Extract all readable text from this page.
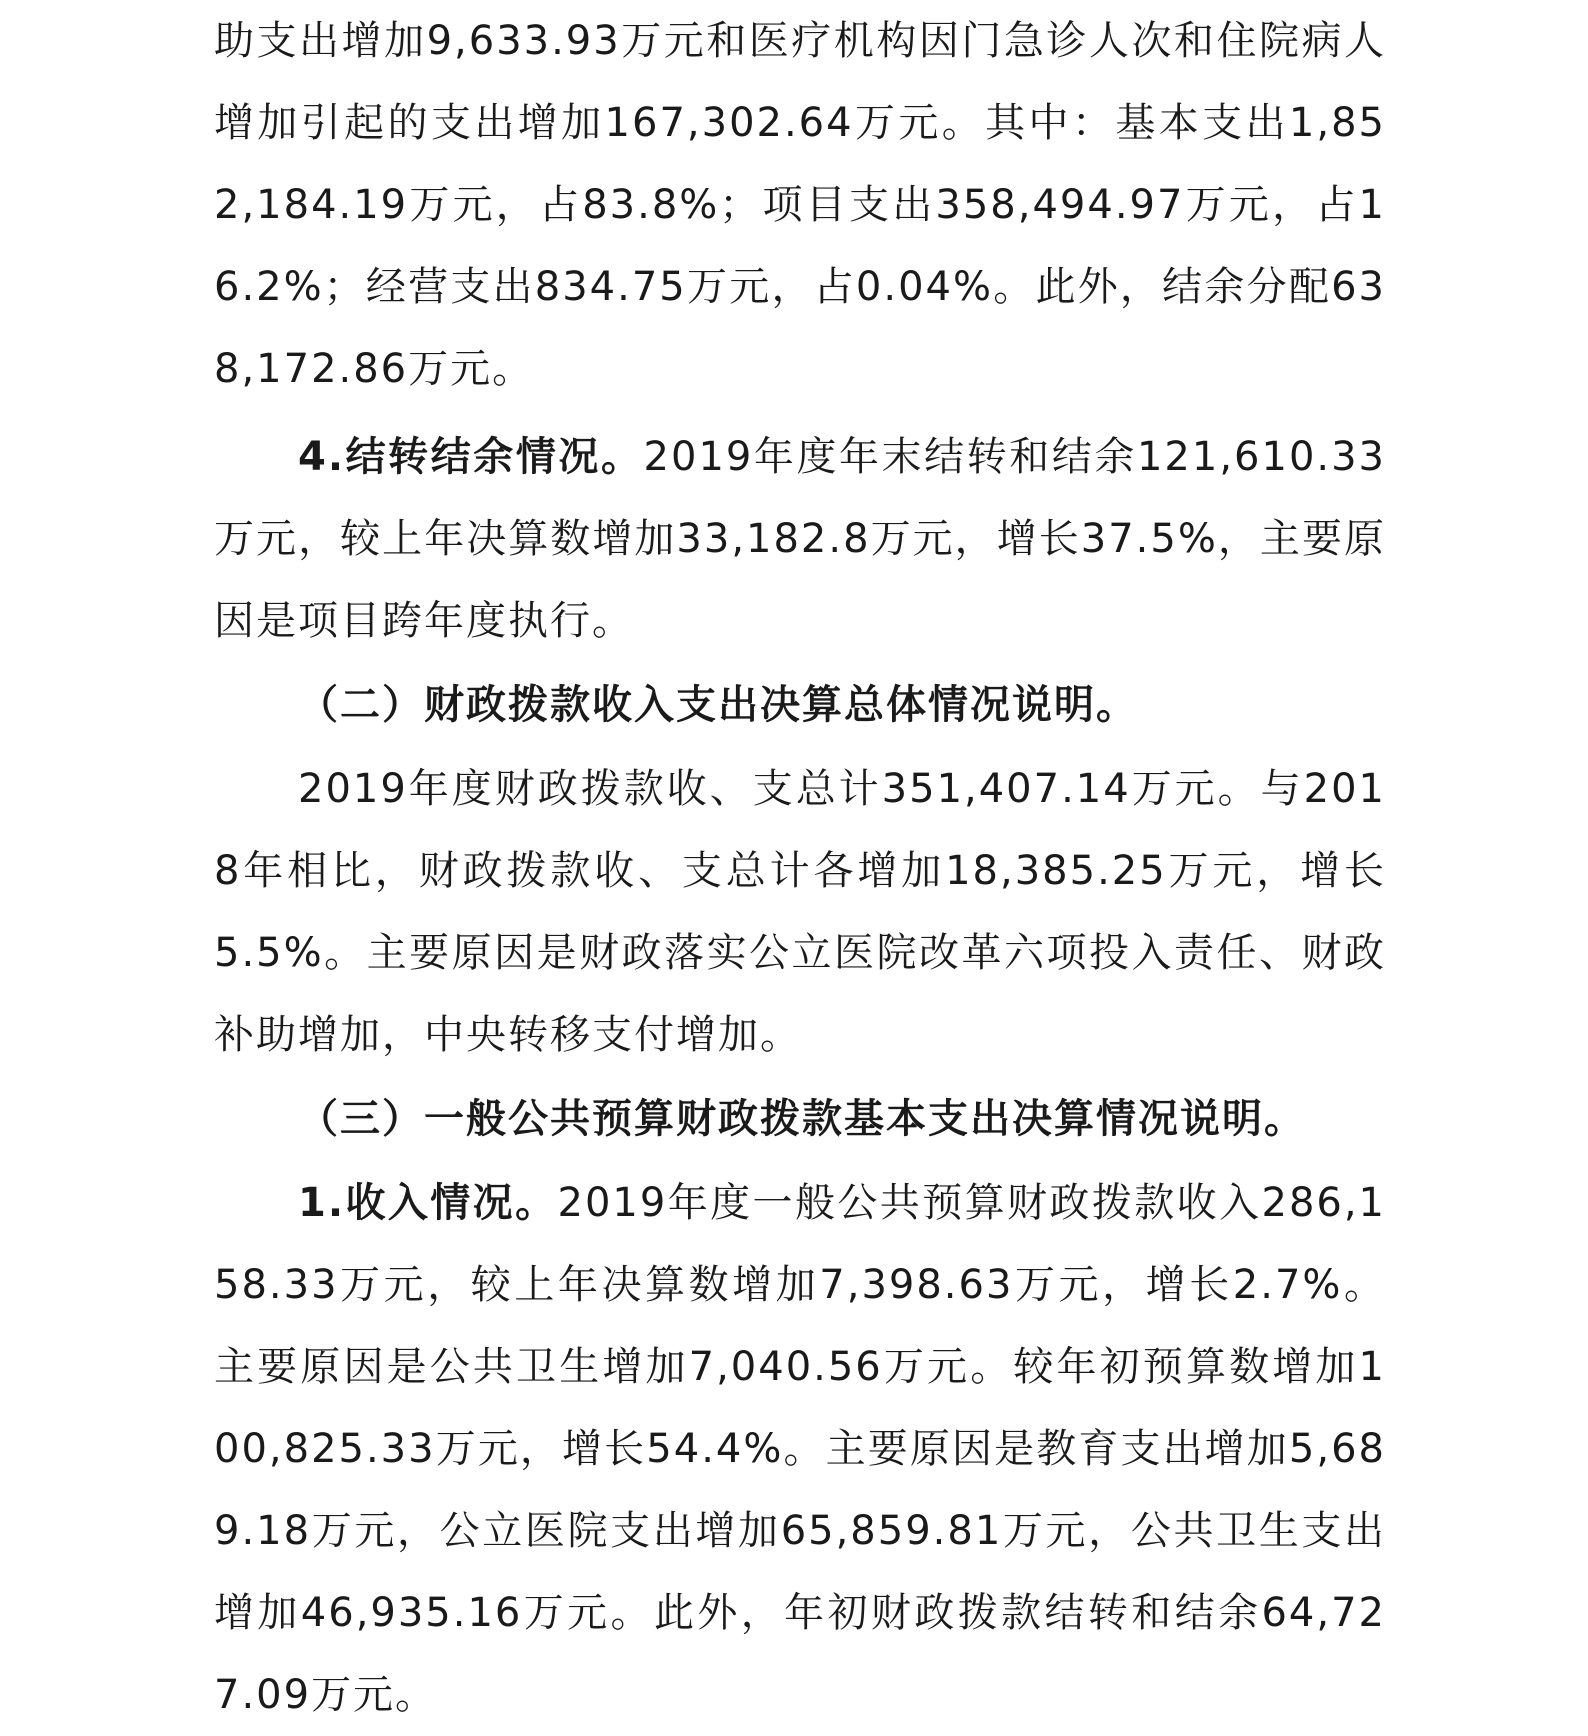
助支出增加9,633.93万元和医疗机构因门急诊人次和住院病人增加引起的支出增加167,302.64万元。其中：基本支出1,852,184.19万元，占83.8%；项目支出358,494.97万元，占16.2%；经营支出834.75万元，占0.04%。此外，结余分配638,172.86万元。

4.结转结余情况。2019年度年末结转和结余121,610.33万元，较上年决算数增加33,182.8万元，增长37.5%，主要原因是项目跨年度执行。

（二）财政拨款收入支出决算总体情况说明。

2019年度财政拨款收、支总计351,407.14万元。与2018年相比，财政拨款收、支总计各增加18,385.25万元，增长5.5%。主要原因是财政落实公立医院改革六项投入责任、财政补助增加，中央转移支付增加。

（三）一般公共预算财政拨款基本支出决算情况说明。

1.收入情况。2019年度一般公共预算财政拨款收入286,158.33万元，较上年决算数增加7,398.63万元，增长2.7%。主要原因是公共卫生增加7,040.56万元。较年初预算数增加100,825.33万元，增长54.4%。主要原因是教育支出增加5,689.18万元，公立医院支出增加65,859.81万元，公共卫生支出增加46,935.16万元。此外，年初财政拨款结转和结余64,727.09万元。
